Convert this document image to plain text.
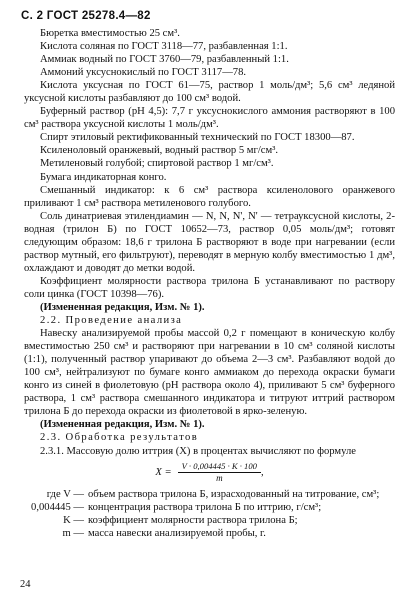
С. 2 ГОСТ 25278.4—82

Бюретка вместимостью 25 см³.

Кислота соляная по ГОСТ 3118—77, разбавленная 1:1.

Аммиак водный по ГОСТ 3760—79, разбавленный 1:1.

Аммоний уксуснокислый по ГОСТ 3117—78.

Кислота уксусная по ГОСТ 61—75, раствор 1 моль/дм³; 5,6 см³ ледяной уксусной кислоты разбавляют до 100 см³ водой.

Буферный раствор (рН 4,5): 7,7 г уксуснокислого аммония растворяют в 100 см³ раствора уксусной кислоты 1 моль/дм³.

Спирт этиловый ректификованный технический по ГОСТ 18300—87.

Ксиленоловый оранжевый, водный раствор 5 мг/см³.

Метиленовый голубой; спиртовой раствор 1 мг/см³.

Бумага индикаторная конго.

Смешанный индикатор: к 6 см³ раствора ксиленолового оранжевого приливают 1 см³ раствора метиленового голубого.

Соль динатриевая этилендиамин — N, N, N', N' — тетрауксусной кислоты, 2-водная (трилон Б) по ГОСТ 10652—73, раствор 0,05 моль/дм³; готовят следующим образом: 18,6 г трилона Б растворяют в воде при нагревании (если раствор мутный, его фильтруют), переводят в мерную колбу вместимостью 1 дм³, охлаждают и доводят до метки водой.

Коэффициент молярности раствора трилона Б устанавливают по раствору соли цинка (ГОСТ 10398—76).

(Измененная редакция, Изм. № 1).

2.2. Проведение анализа

Навеску анализируемой пробы массой 0,2 г помещают в коническую колбу вместимостью 250 см³ и растворяют при нагревании в 10 см³ соляной кислоты (1:1), полученный раствор упаривают до объема 2—3 см³. Разбавляют водой до 100 см³, нейтрализуют по бумаге конго аммиаком до перехода окраски бумаги конго из синей в фиолетовую (рН раствора около 4), приливают 5 см³ буферного раствора, 1 см³ раствора смешанного индикатора и титруют иттрий раствором трилона Б до перехода окраски из фиолетовой в ярко-зеленую.

(Измененная редакция, Изм. № 1).

2.3. Обработка результатов

2.3.1. Массовую долю иттрия (X) в процентах вычисляют по формуле

$X = \frac{V \cdot 0,004445 \cdot K \cdot 100}{m}$ ,
где V — объем раствора трилона Б, израсходованный на титрование, см³;
0,004445 — концентрация раствора трилона Б по иттрию, г/см³;
K — коэффициент молярности раствора трилона Б;
m — масса навески анализируемой пробы, г.
24
